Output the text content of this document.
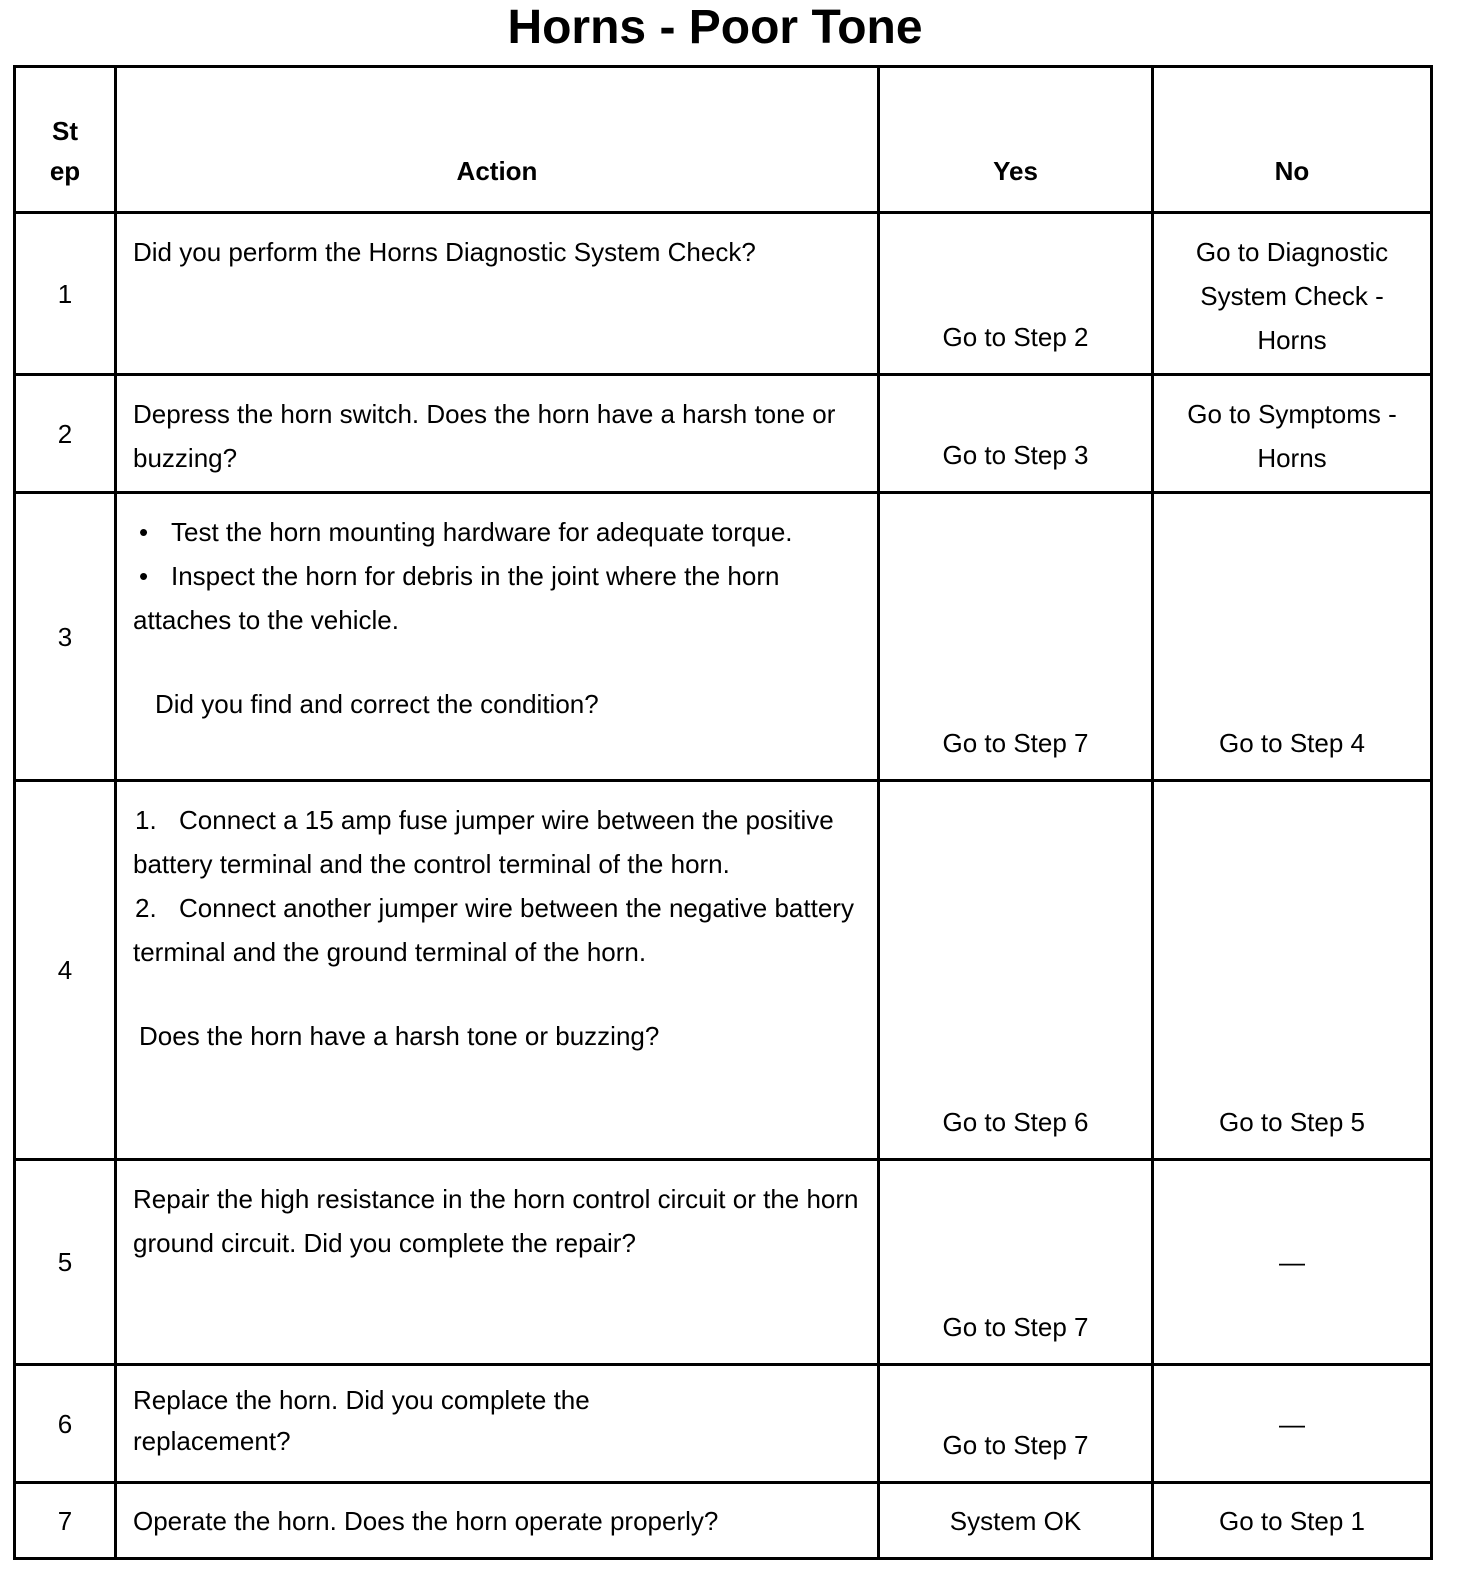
Horns - Poor Tone
St ep	Action	Yes	No
1	Did you perform the Horns Diagnostic System Check?	Go to Step 2	Go to Diagnostic System Check - Horns
2	Depress the horn switch. Does the horn have a harsh tone or buzzing?	Go to Step 3	Go to Symptoms - Horns
3	• Test the horn mounting hardware for adequate torque.
• Inspect the horn for debris in the joint where the horn attaches to the vehicle.
Did you find and correct the condition?	Go to Step 7	Go to Step 4
4	1. Connect a 15 amp fuse jumper wire between the positive battery terminal and the control terminal of the horn.
2. Connect another jumper wire between the negative battery terminal and the ground terminal of the horn.
Does the horn have a harsh tone or buzzing?	Go to Step 6	Go to Step 5
5	Repair the high resistance in the horn control circuit or the horn ground circuit. Did you complete the repair?	Go to Step 7	—
6	Replace the horn. Did you complete the replacement?	Go to Step 7	—
7	Operate the horn. Does the horn operate properly?	System OK	Go to Step 1
